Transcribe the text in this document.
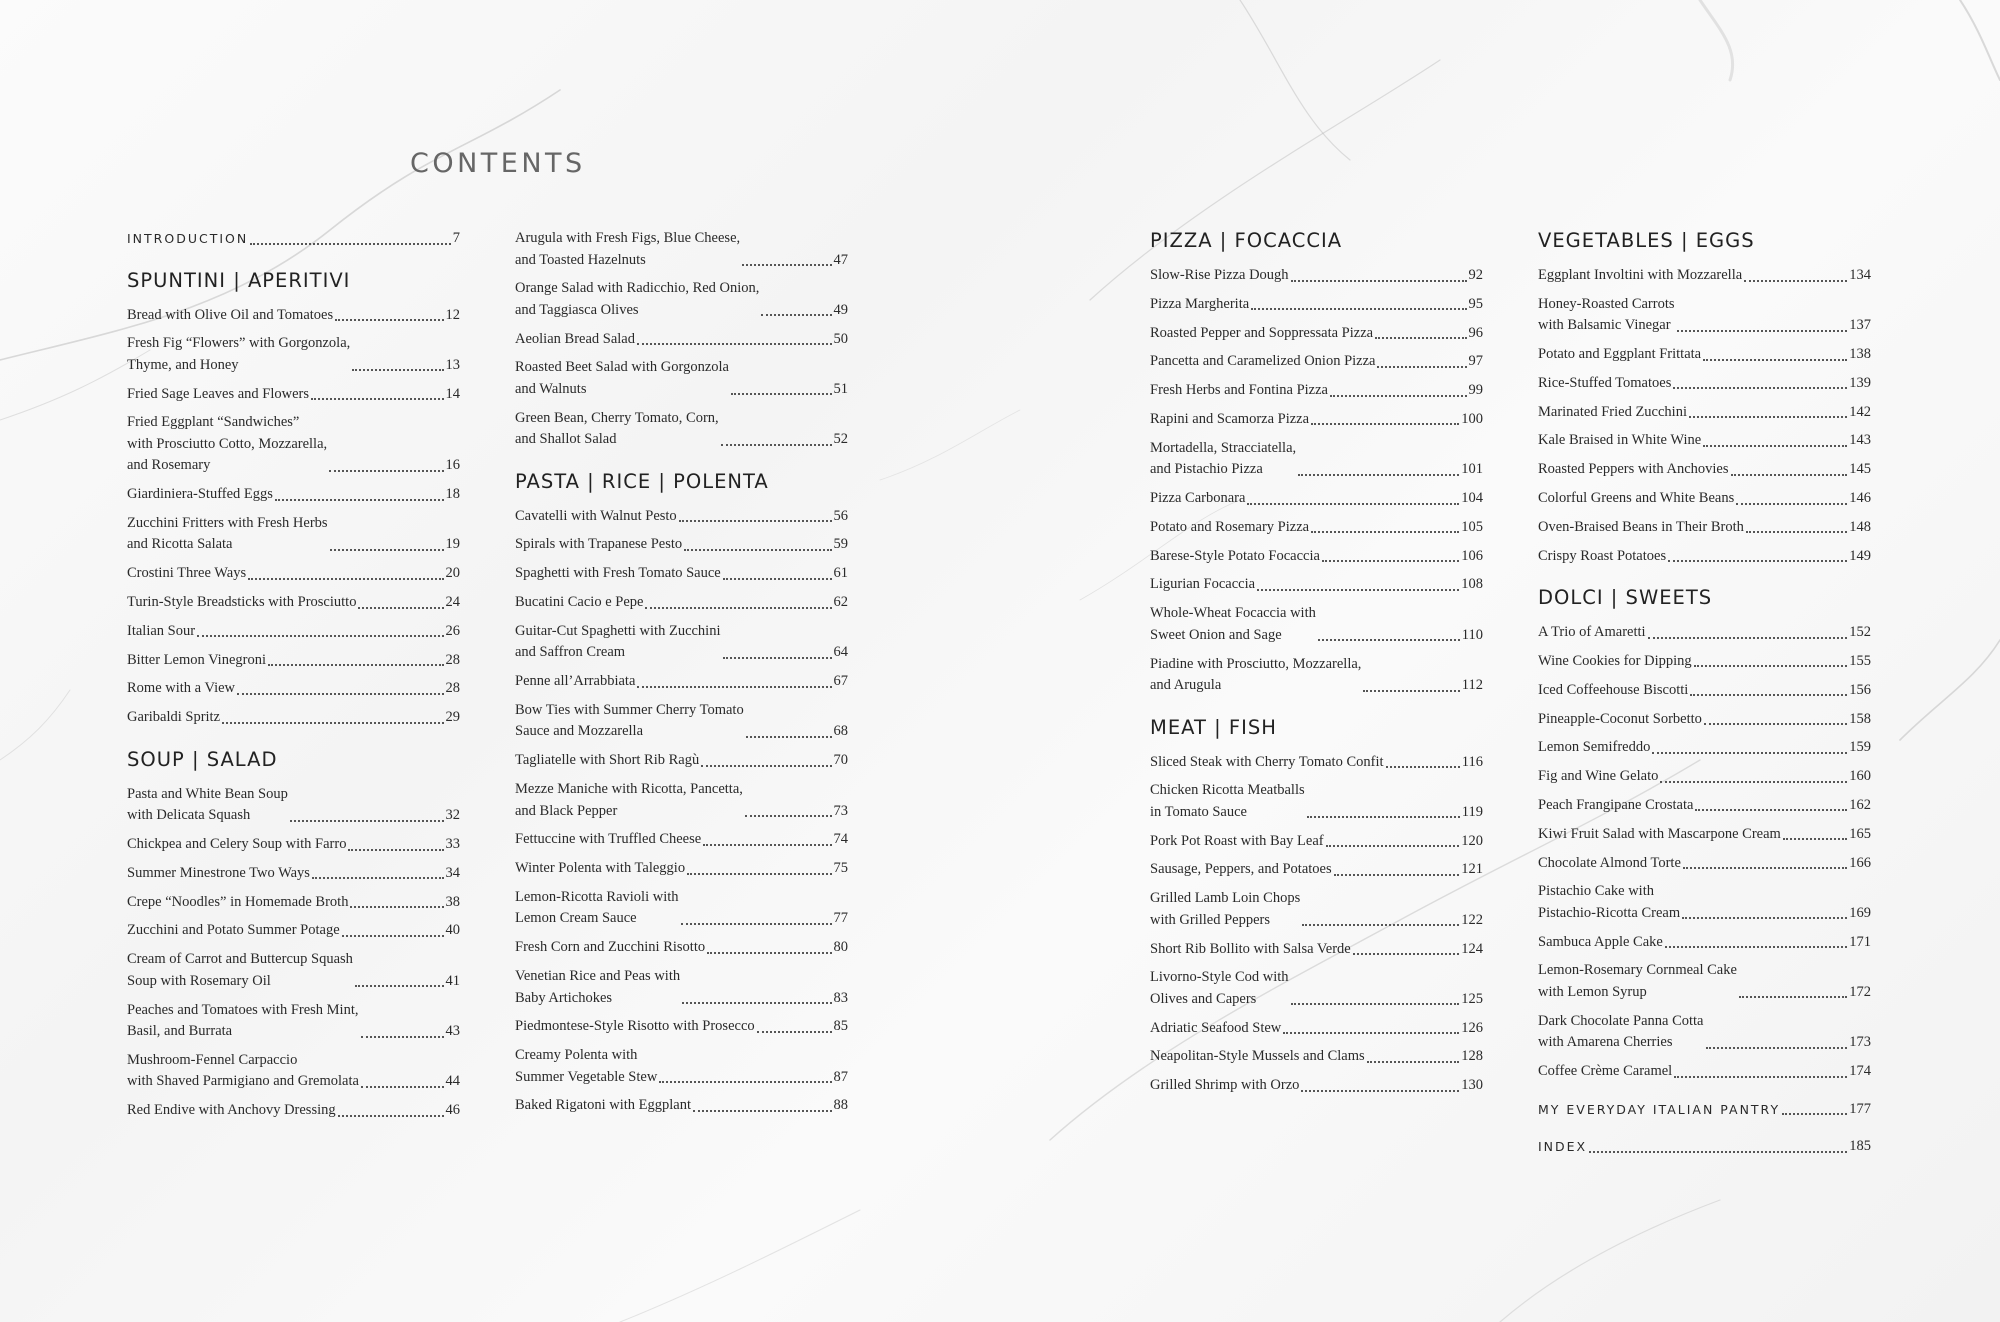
CONTENTS
INTRODUCTION	7
SPUNTINI | APERITIVI
Bread with Olive Oil and Tomatoes	12
Fresh Fig “Flowers” with Gorgonzola,
Thyme, and Honey	13
Fried Sage Leaves and Flowers	14
Fried Eggplant “Sandwiches”
with Prosciutto Cotto, Mozzarella,
and Rosemary	16
Giardiniera-Stuffed Eggs	18
Zucchini Fritters with Fresh Herbs
and Ricotta Salata	19
Crostini Three Ways	20
Turin-Style Breadsticks with Prosciutto	24
Italian Sour	26
Bitter Lemon Vinegroni	28
Rome with a View	28
Garibaldi Spritz	29
SOUP | SALAD
Pasta and White Bean Soup
with Delicata Squash	32
Chickpea and Celery Soup with Farro	33
Summer Minestrone Two Ways	34
Crepe “Noodles” in Homemade Broth	38
Zucchini and Potato Summer Potage	40
Cream of Carrot and Buttercup Squash
Soup with Rosemary Oil	41
Peaches and Tomatoes with Fresh Mint,
Basil, and Burrata	43
Mushroom-Fennel Carpaccio
with Shaved Parmigiano and Gremolata	44
Red Endive with Anchovy Dressing	46
Arugula with Fresh Figs, Blue Cheese,
and Toasted Hazelnuts	47
Orange Salad with Radicchio, Red Onion,
and Taggiasca Olives	49
Aeolian Bread Salad	50
Roasted Beet Salad with Gorgonzola
and Walnuts	51
Green Bean, Cherry Tomato, Corn,
and Shallot Salad	52
PASTA | RICE | POLENTA
Cavatelli with Walnut Pesto	56
Spirals with Trapanese Pesto	59
Spaghetti with Fresh Tomato Sauce	61
Bucatini Cacio e Pepe	62
Guitar-Cut Spaghetti with Zucchini
and Saffron Cream	64
Penne all’Arrabbiata	67
Bow Ties with Summer Cherry Tomato
Sauce and Mozzarella	68
Tagliatelle with Short Rib Ragù	70
Mezze Maniche with Ricotta, Pancetta,
and Black Pepper	73
Fettuccine with Truffled Cheese	74
Winter Polenta with Taleggio	75
Lemon-Ricotta Ravioli with
Lemon Cream Sauce	77
Fresh Corn and Zucchini Risotto	80
Venetian Rice and Peas with
Baby Artichokes	83
Piedmontese-Style Risotto with Prosecco	85
Creamy Polenta with
Summer Vegetable Stew	87
Baked Rigatoni with Eggplant	88
PIZZA | FOCACCIA
Slow-Rise Pizza Dough	92
Pizza Margherita	95
Roasted Pepper and Soppressata Pizza	96
Pancetta and Caramelized Onion Pizza	97
Fresh Herbs and Fontina Pizza	99
Rapini and Scamorza Pizza	100
Mortadella, Stracciatella,
and Pistachio Pizza	101
Pizza Carbonara	104
Potato and Rosemary Pizza	105
Barese-Style Potato Focaccia	106
Ligurian Focaccia	108
Whole-Wheat Focaccia with
Sweet Onion and Sage	110
Piadine with Prosciutto, Mozzarella,
and Arugula	112
MEAT | FISH
Sliced Steak with Cherry Tomato Confit	116
Chicken Ricotta Meatballs
in Tomato Sauce	119
Pork Pot Roast with Bay Leaf	120
Sausage, Peppers, and Potatoes	121
Grilled Lamb Loin Chops
with Grilled Peppers	122
Short Rib Bollito with Salsa Verde	124
Livorno-Style Cod with
Olives and Capers	125
Adriatic Seafood Stew	126
Neapolitan-Style Mussels and Clams	128
Grilled Shrimp with Orzo	130
VEGETABLES | EGGS
Eggplant Involtini with Mozzarella	134
Honey-Roasted Carrots
with Balsamic Vinegar	137
Potato and Eggplant Frittata	138
Rice-Stuffed Tomatoes	139
Marinated Fried Zucchini	142
Kale Braised in White Wine	143
Roasted Peppers with Anchovies	145
Colorful Greens and White Beans	146
Oven-Braised Beans in Their Broth	148
Crispy Roast Potatoes	149
DOLCI | SWEETS
A Trio of Amaretti	152
Wine Cookies for Dipping	155
Iced Coffeehouse Biscotti	156
Pineapple-Coconut Sorbetto	158
Lemon Semifreddo	159
Fig and Wine Gelato	160
Peach Frangipane Crostata	162
Kiwi Fruit Salad with Mascarpone Cream	165
Chocolate Almond Torte	166
Pistachio Cake with
Pistachio-Ricotta Cream	169
Sambuca Apple Cake	171
Lemon-Rosemary Cornmeal Cake
with Lemon Syrup	172
Dark Chocolate Panna Cotta
with Amarena Cherries	173
Coffee Crème Caramel	174
MY EVERYDAY ITALIAN PANTRY	177
INDEX	185
